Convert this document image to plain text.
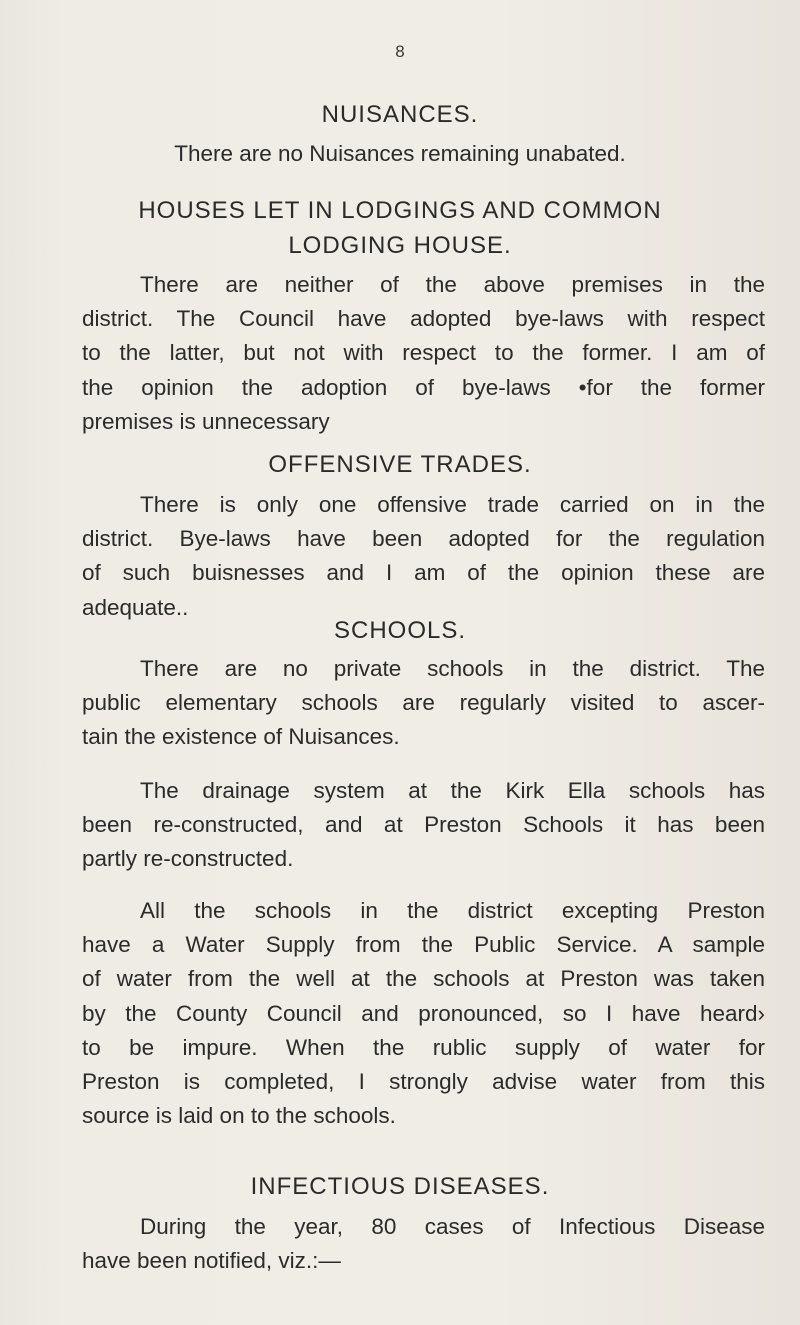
8
NUISANCES.
There are no Nuisances remaining unabated.
HOUSES LET IN LODGINGS AND COMMON
LODGING HOUSE.
There are neither of the above premises in the
district. The Council have adopted bye-laws with respect
to the latter, but not with respect to the former. I am of
the opinion the adoption of bye-laws •for the former
premises is unnecessary
OFFENSIVE TRADES.
There is only one offensive trade carried on in the
district. Bye-laws have been adopted for the regulation
of such buisnesses and I am of the opinion these are
adequate..
SCHOOLS.
There are no private schools in the district. The
public elementary schools are regularly visited to ascer-
tain the existence of Nuisances.
The drainage system at the Kirk Ella schools has
been re-constructed, and at Preston Schools it has been
partly re-constructed.
All the schools in the district excepting Preston
have a Water Supply from the Public Service. A sample
of water from the well at the schools at Preston was taken
by the County Council and pronounced, so I have heard›
to be impure. When the rublic supply of water for
Preston is completed, I strongly advise water from this
source is laid on to the schools.
INFECTIOUS DISEASES.
During the year, 80 cases of Infectious Disease
have been notified, viz.:—
